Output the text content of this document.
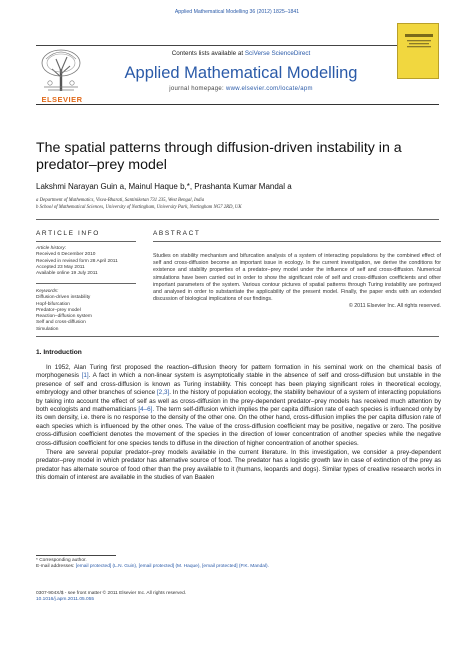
Applied Mathematical Modelling 36 (2012) 1825–1841
ELSEVIER
Contents lists available at SciVerse ScienceDirect
Applied Mathematical Modelling
journal homepage: www.elsevier.com/locate/apm
The spatial patterns through diffusion-driven instability in a predator–prey model
Lakshmi Narayan Guin a, Mainul Haque b,*, Prashanta Kumar Mandal a
a Department of Mathematics, Visva-Bharati, Santiniketan 731 235, West Bengal, India
b School of Mathematical Sciences, University of Nottingham, University Park, Nottingham NG7 2RD, UK
ARTICLE INFO	ABSTRACT
Article history:
Received 6 December 2010
Received in revised form 28 April 2011
Accepted 23 May 2011
Available online 19 July 2011
Keywords:
Diffusion-driven instability
Hopf-bifurcation
Predator–prey model
Reaction–diffusion system
Self and cross-diffusion
Simulation
Studies on stability mechanism and bifurcation analysis of a system of interacting populations by the combined effect of self and cross-diffusion become an important issue in ecology. In the current investigation, we derive the conditions for existence and stability properties of a predator–prey model under the influence of self and cross-diffusion. Numerical simulations have been carried out in order to show the significant role of self and cross-diffusion coefficients and other important parameters of the system. Various contour pictures of spatial patterns through Turing instability are portrayed and analysed in order to substantiate the applicability of the present model. Finally, the paper ends with an extended discussion of biological implications of our findings.
© 2011 Elsevier Inc. All rights reserved.
1. Introduction

In 1952, Alan Turing first proposed the reaction–diffusion theory for pattern formation in his seminal work on the chemical basis of morphogenesis [1]. A fact in which a non-linear system is asymptotically stable in the absence of self and cross-diffusion but unstable in the presence of self and cross-diffusion is known as Turing instability. This concept has been playing significant roles in theoretical ecology, embryology and other branches of science [2,3]. In the history of population ecology, the stability behaviour of a system of interacting populations by taking into account the effect of self as well as cross-diffusion in the prey-dependent predator–prey models has received much attention by both ecologists and mathematicians [4–6]. The term self-diffusion which implies the per capita diffusion rate of each species is influenced only by its own density, i.e. there is no response to the density of the other one. On the other hand, cross-diffusion implies the per capita diffusion rate of each species which is influenced by the other ones. The value of the cross-diffusion coefficient may be positive, negative or zero. The positive cross-diffusion coefficient denotes the movement of the species in the direction of lower concentration of another species while the negative cross-diffusion coefficient for one species tends to diffuse in the direction of higher concentration of another species.

There are several popular predator–prey models available in the current literature. In this investigation, we consider a prey-dependent predator–prey model in which predator has alternative source of food. The predator has a logistic growth law in case of extinction of the prey as predator has alternate source of food other than the prey available to it (humans, leopards and dogs). Similar types of creative research works in this domain of interest are available in the studies of van Baalen

* Corresponding author.
E-mail addresses: [email protected] (L.N. Guin), [email protected] (M. Haque), [email protected] (P.K. Mandal).
0307-904X/$ - see front matter © 2011 Elsevier Inc. All rights reserved.
10.1016/j.apm.2011.05.055
